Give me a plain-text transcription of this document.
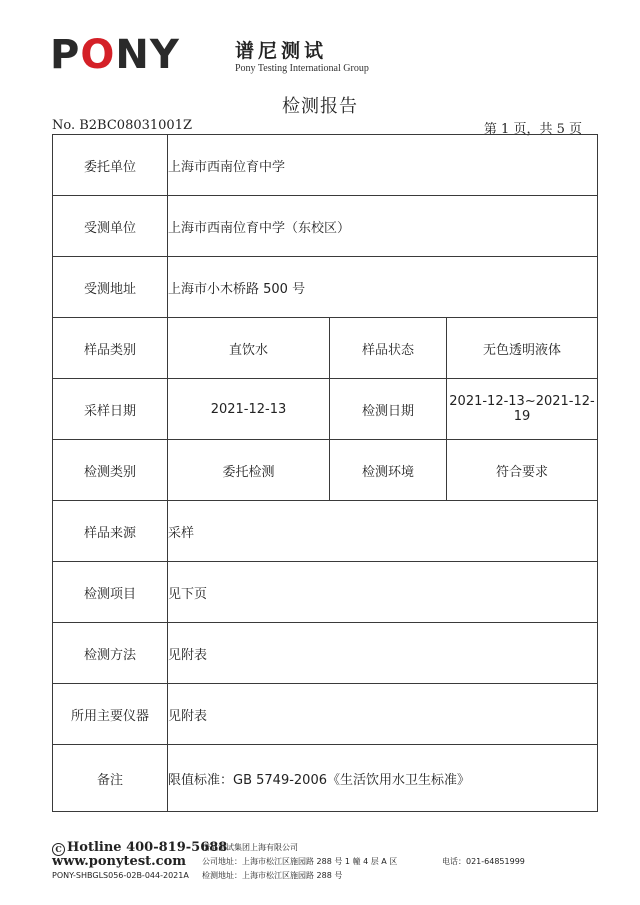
PONY	谱尼测试
Pony Testing International Group
检测报告
No. B2BC08031001Z	第 1 页，共 5 页
委托单位	上海市西南位育中学		
受测单位	上海市西南位育中学（东校区）		
受测地址	上海市小木桥路 500 号		
样品类别	直饮水	样品状态	无色透明液体
采样日期	2021-12-13	检测日期	2021-12-13~2021-12-19
检测类别	委托检测	检测环境	符合要求
样品来源	采样		
检测项目	见下页		
检测方法	见附表		
所用主要仪器	见附表		
备注	限值标准：GB 5749-2006《生活饮用水卫生标准》		
C Hotline 400-819-5688
www.ponytest.com
PONY-SHBGLS056-02B-044-2021A
谱尼测试集团上海有限公司
公司地址：上海市松江区施园路 288 号 1 幢 4 层 A 区
检测地址：上海市松江区施园路 288 号
电话：021-64851999
